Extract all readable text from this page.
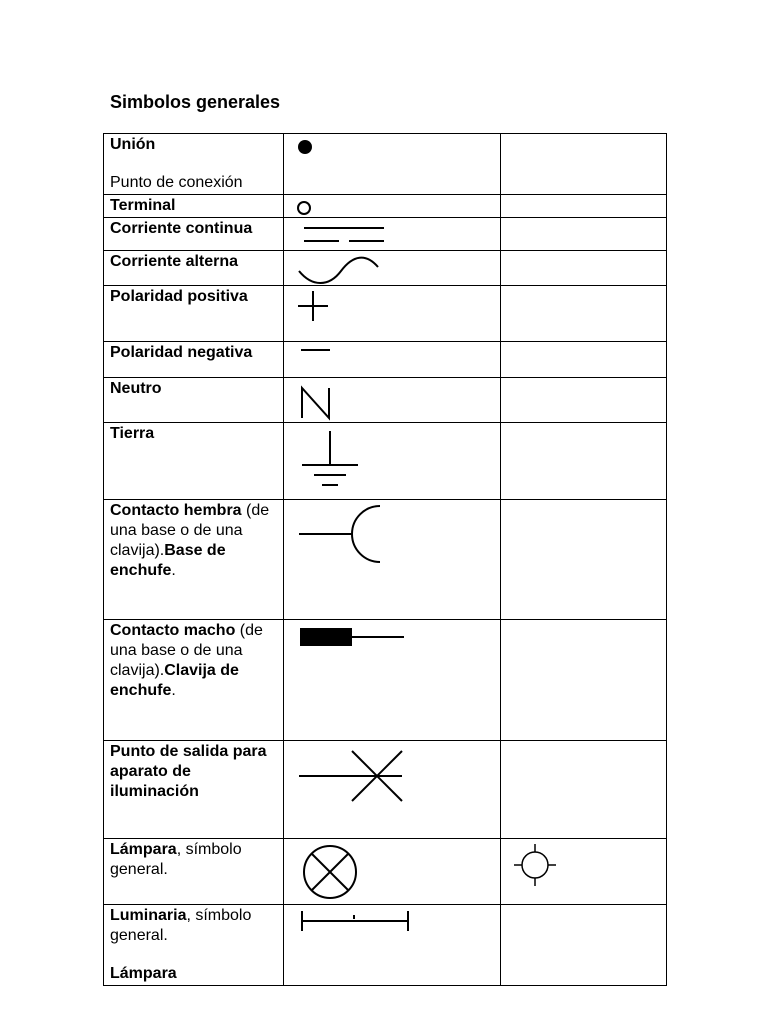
Simbolos generales
Unión
Punto de conexión	

Terminal	

Corriente continua	

Corriente alterna	

Polaridad positiva	

Polaridad negativa	

Neutro	

Tierra	

Contacto hembra (de una base o de una clavija).Base de enchufe.	

Contacto macho (de una base o de una clavija).Clavija de enchufe.	

Punto de salida para aparato de iluminación	

Lámpara, símbolo general.	

Luminaria, símbolo general.
Lámpara	
